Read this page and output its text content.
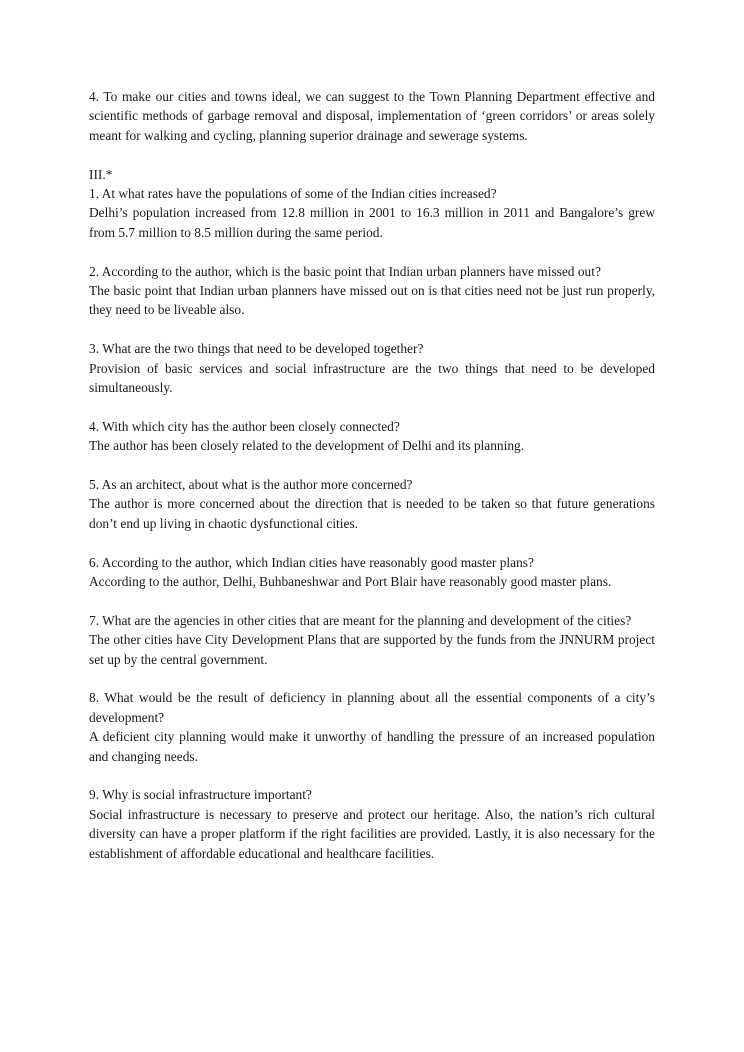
4. To make our cities and towns ideal, we can suggest to the Town Planning Department effective and scientific methods of garbage removal and disposal, implementation of ‘green corridors’ or areas solely meant for walking and cycling, planning superior drainage and sewerage systems.

III.*

1. At what rates have the populations of some of the Indian cities increased?

Delhi’s population increased from 12.8 million in 2001 to 16.3 million in 2011 and Bangalore’s grew from 5.7 million to 8.5 million during the same period.

2. According to the author, which is the basic point that Indian urban planners have missed out?

The basic point that Indian urban planners have missed out on is that cities need not be just run properly, they need to be liveable also.

3. What are the two things that need to be developed together?

Provision of basic services and social infrastructure are the two things that need to be developed simultaneously.

4. With which city has the author been closely connected?

The author has been closely related to the development of Delhi and its planning.

5. As an architect, about what is the author more concerned?

The author is more concerned about the direction that is needed to be taken so that future generations don’t end up living in chaotic dysfunctional cities.

6. According to the author, which Indian cities have reasonably good master plans?

According to the author, Delhi, Buhbaneshwar and Port Blair have reasonably good master plans.

7. What are the agencies in other cities that are meant for the planning and development of the cities?

The other cities have City Development Plans that are supported by the funds from the JNNURM project set up by the central government.

8. What would be the result of deficiency in planning about all the essential components of a city’s development?

A deficient city planning would make it unworthy of handling the pressure of an increased population and changing needs.

9. Why is social infrastructure important?

Social infrastructure is necessary to preserve and protect our heritage. Also, the nation’s rich cultural diversity can have a proper platform if the right facilities are provided. Lastly, it is also necessary for the establishment of affordable educational and healthcare facilities.
